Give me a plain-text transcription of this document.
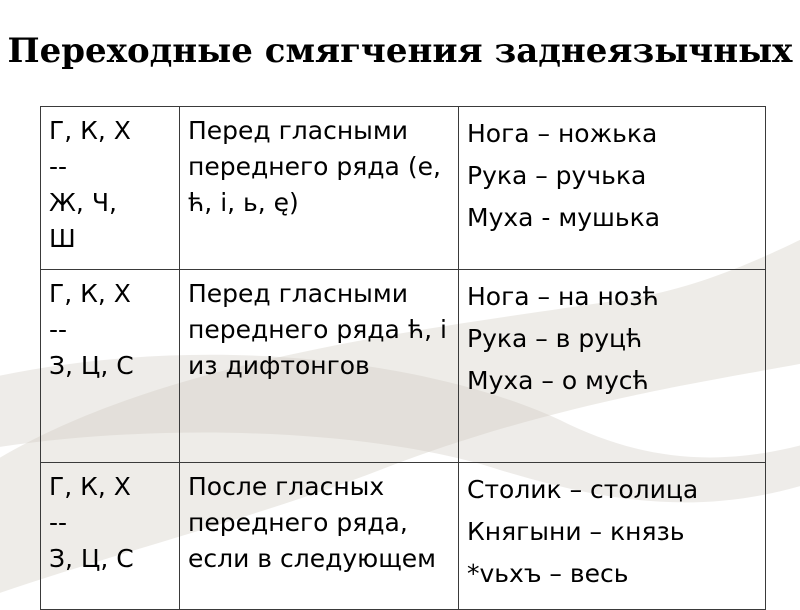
Переходные смягчения заднеязычных
Г, К, Х
--
Ж, Ч,
Ш	Перед гласными переднего ряда (е, ћ, і, ь, ę)	Нога – ножька
Рука – ручька
Муха - мушька

Г, К, Х
--
З, Ц, С	Перед гласными переднего ряда ћ, і из дифтонгов	Нога – на нозћ
Рука – в руцћ
Муха – о мусћ

Г, К, Х
--
З, Ц, С	После гласных переднего ряда, если в следующем	Столик – столица
Княгыни – князь
*vьхъ – весь
